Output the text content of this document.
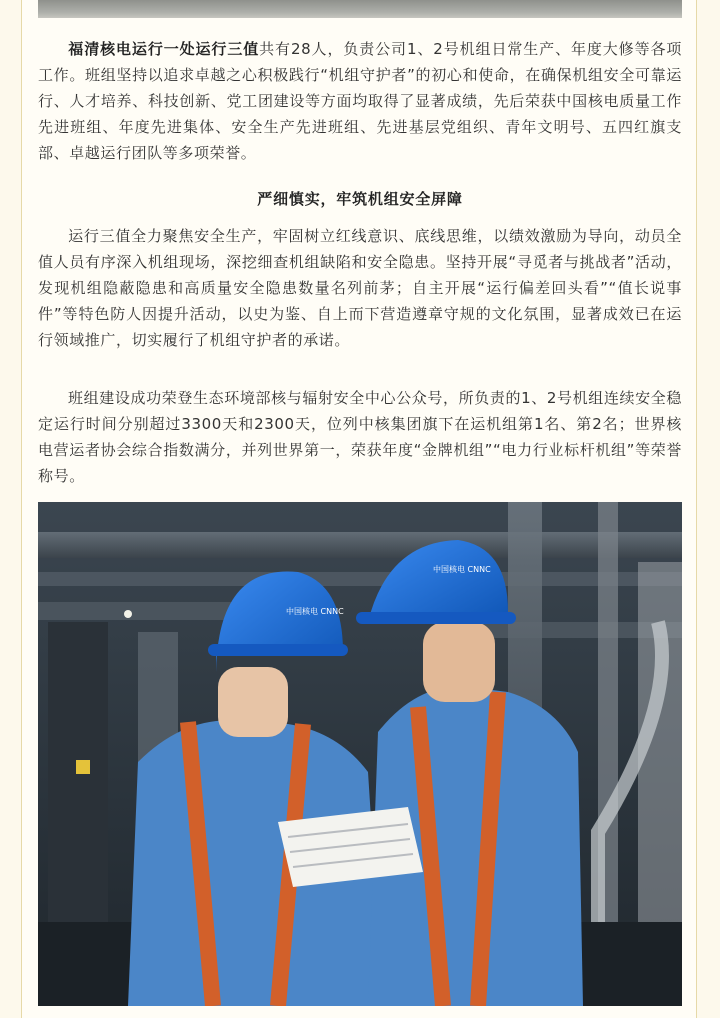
福清核电运行一处运行三值共有28人，负责公司1、2号机组日常生产、年度大修等各项工作。班组坚持以追求卓越之心积极践行“机组守护者”的初心和使命，在确保机组安全可靠运行、人才培养、科技创新、党工团建设等方面均取得了显著成绩，先后荣获中国核电质量工作先进班组、年度先进集体、安全生产先进班组、先进基层党组织、青年文明号、五四红旗支部、卓越运行团队等多项荣誉。

严细慎实，牢筑机组安全屏障

运行三值全力聚焦安全生产，牢固树立红线意识、底线思维，以绩效激励为导向，动员全值人员有序深入机组现场，深挖细查机组缺陷和安全隐患。坚持开展“寻觅者与挑战者”活动，发现机组隐蔽隐患和高质量安全隐患数量名列前茅；自主开展“运行偏差回头看”“值长说事件”等特色防人因提升活动，以史为鉴、自上而下营造遵章守规的文化氛围，显著成效已在运行领域推广，切实履行了机组守护者的承诺。

班组建设成功荣登生态环境部核与辐射安全中心公众号，所负责的1、2号机组连续安全稳定运行时间分别超过3300天和2300天，位列中核集团旗下在运机组第1名、第2名；世界核电营运者协会综合指数满分，并列世界第一，荣获年度“金牌机组”“电力行业标杆机组”等荣誉称号。

中国核电 CNNC
中国核电 CNNC
